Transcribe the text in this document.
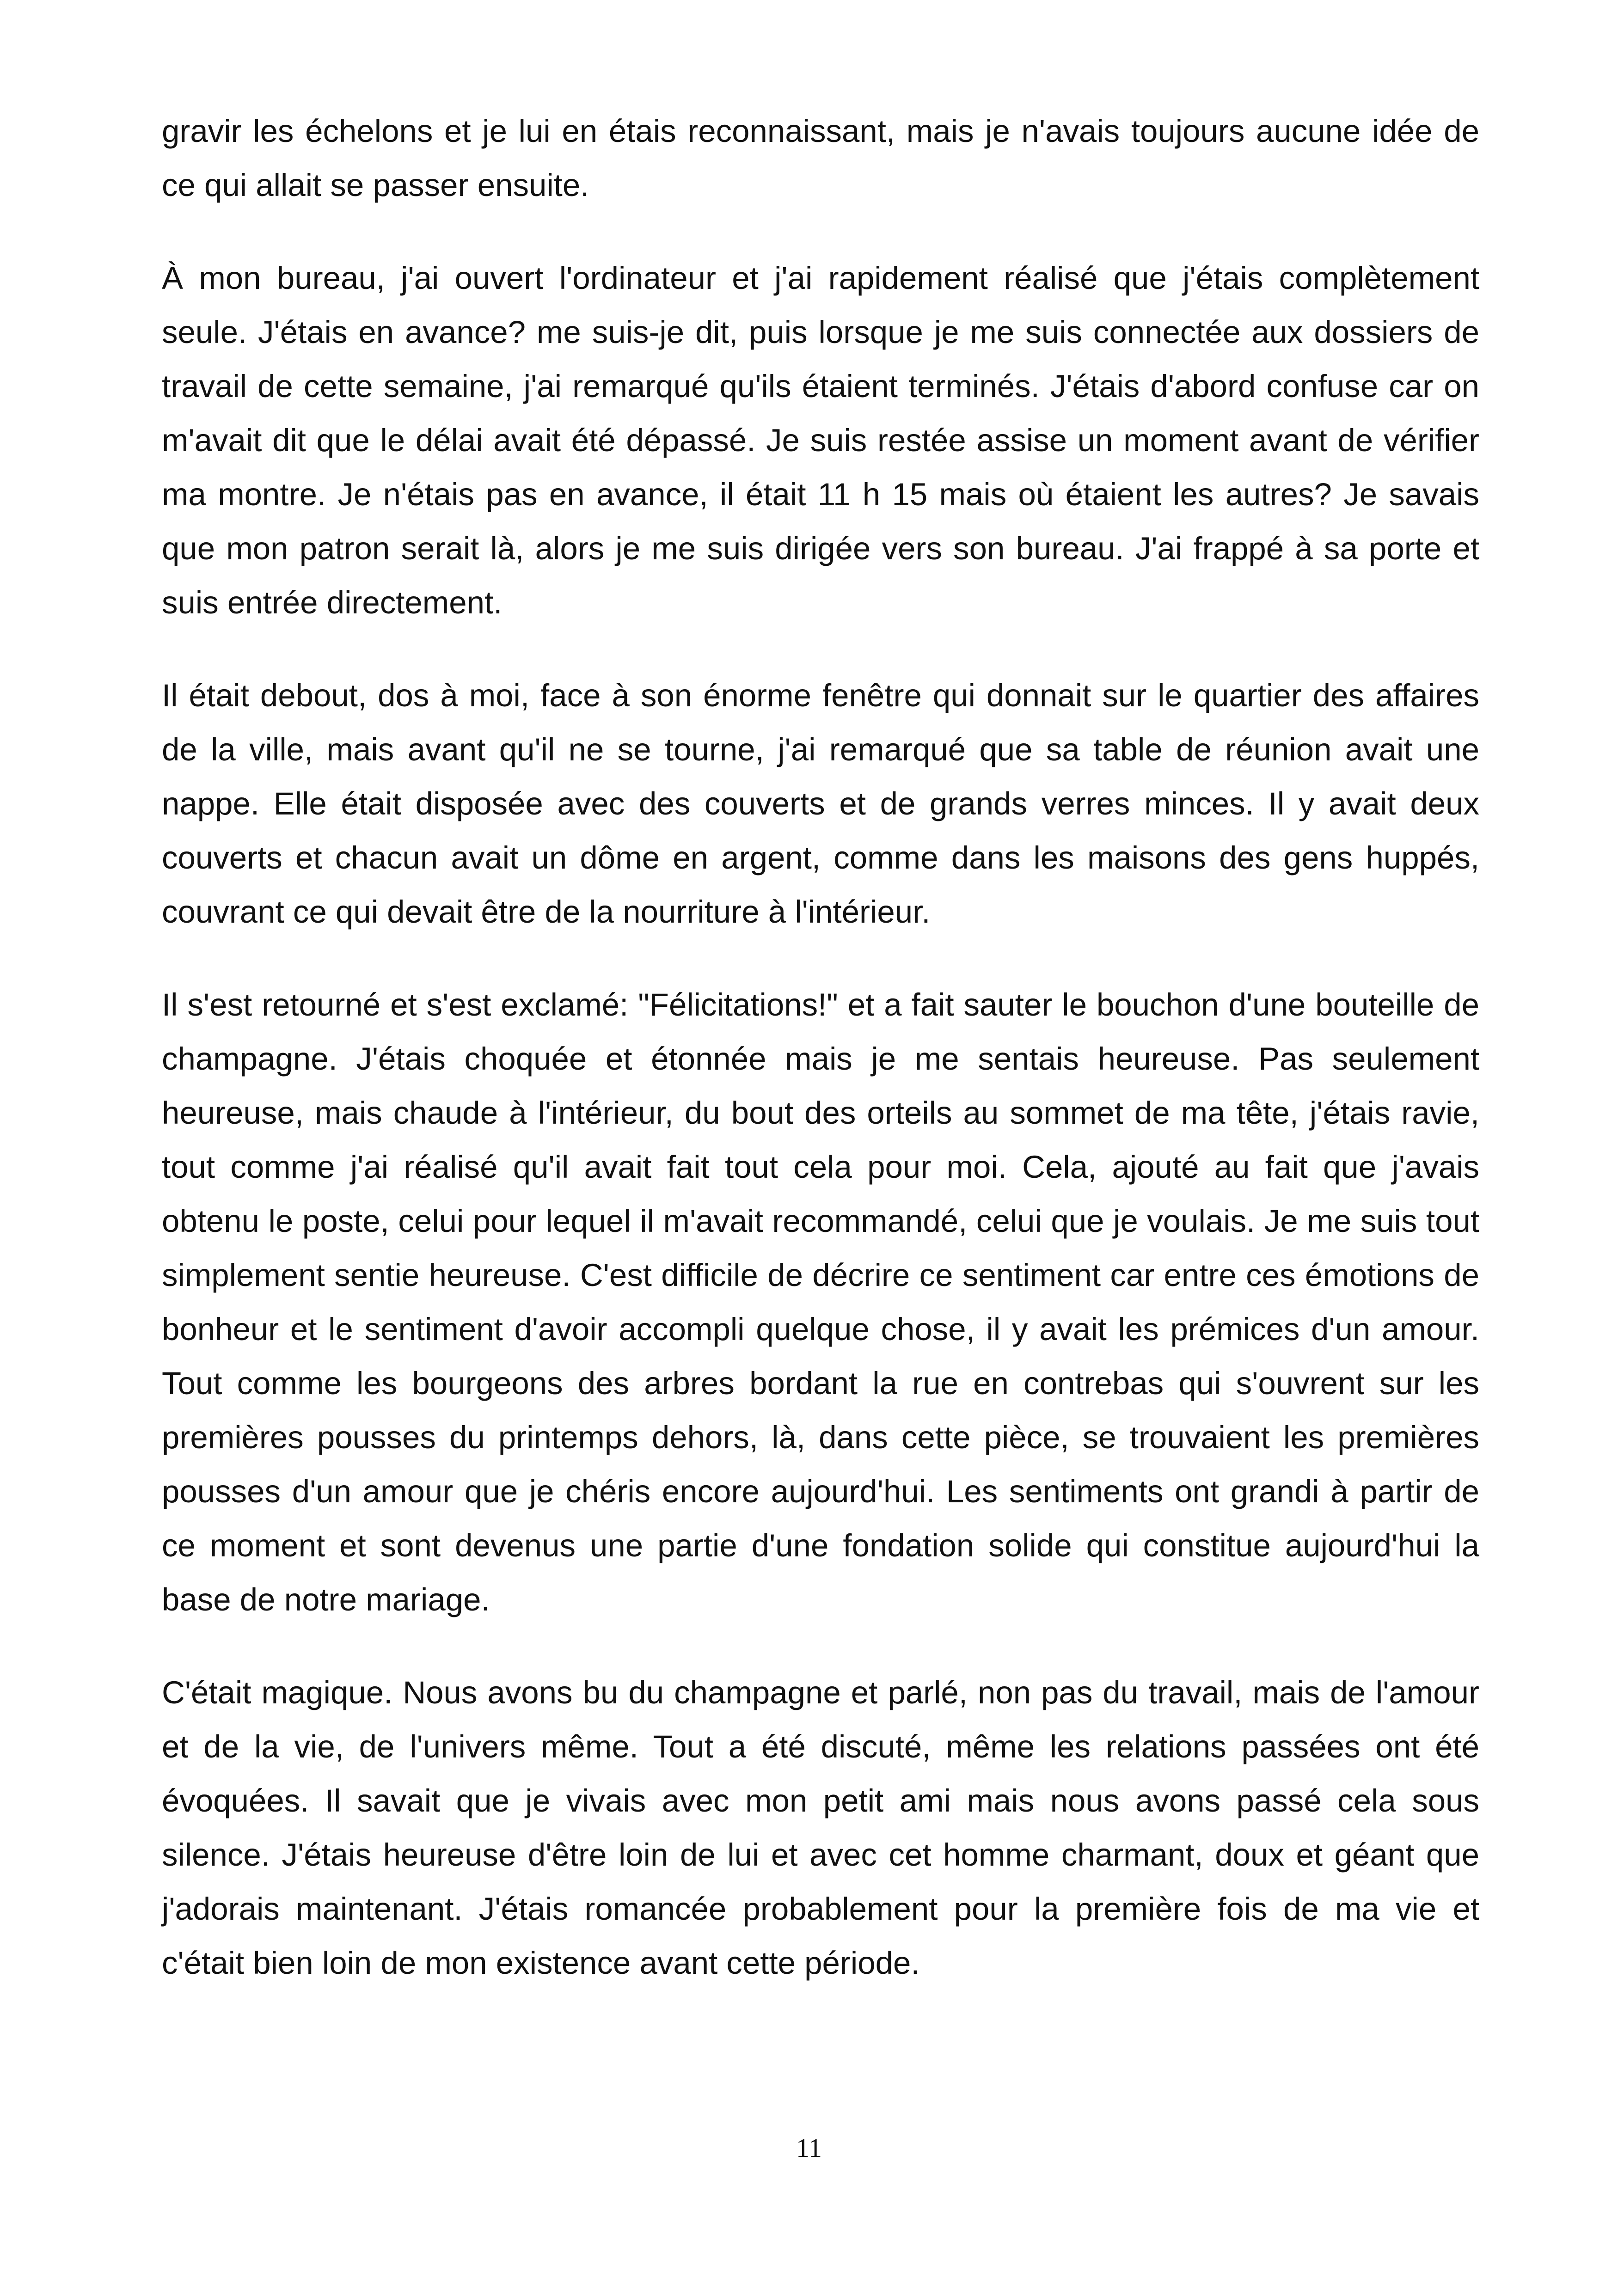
gravir les échelons et je lui en étais reconnaissant, mais je n'avais toujours aucune idée de ce qui allait se passer ensuite.

À mon bureau, j'ai ouvert l'ordinateur et j'ai rapidement réalisé que j'étais complètement seule. J'étais en avance? me suis-je dit, puis lorsque je me suis connectée aux dossiers de travail de cette semaine, j'ai remarqué qu'ils étaient terminés. J'étais d'abord confuse car on m'avait dit que le délai avait été dépassé. Je suis restée assise un moment avant de vérifier ma montre. Je n'étais pas en avance, il était 11 h 15 mais où étaient les autres? Je savais que mon patron serait là, alors je me suis dirigée vers son bureau. J'ai frappé à sa porte et suis entrée directement.

Il était debout, dos à moi, face à son énorme fenêtre qui donnait sur le quartier des affaires de la ville, mais avant qu'il ne se tourne, j'ai remarqué que sa table de réunion avait une nappe. Elle était disposée avec des couverts et de grands verres minces. Il y avait deux couverts et chacun avait un dôme en argent, comme dans les maisons des gens huppés, couvrant ce qui devait être de la nourriture à l'intérieur.

Il s'est retourné et s'est exclamé: "Félicitations!" et a fait sauter le bouchon d'une bouteille de champagne. J'étais choquée et étonnée mais je me sentais heureuse. Pas seulement heureuse, mais chaude à l'intérieur, du bout des orteils au sommet de ma tête, j'étais ravie, tout comme j'ai réalisé qu'il avait fait tout cela pour moi. Cela, ajouté au fait que j'avais obtenu le poste, celui pour lequel il m'avait recommandé, celui que je voulais. Je me suis tout simplement sentie heureuse. C'est difficile de décrire ce sentiment car entre ces émotions de bonheur et le sentiment d'avoir accompli quelque chose, il y avait les prémices d'un amour. Tout comme les bourgeons des arbres bordant la rue en contrebas qui s'ouvrent sur les premières pousses du printemps dehors, là, dans cette pièce, se trouvaient les premières pousses d'un amour que je chéris encore aujourd'hui. Les sentiments ont grandi à partir de ce moment et sont devenus une partie d'une fondation solide qui constitue aujourd'hui la base de notre mariage.

C'était magique. Nous avons bu du champagne et parlé, non pas du travail, mais de l'amour et de la vie, de l'univers même. Tout a été discuté, même les relations passées ont été évoquées. Il savait que je vivais avec mon petit ami mais nous avons passé cela sous silence. J'étais heureuse d'être loin de lui et avec cet homme charmant, doux et géant que j'adorais maintenant. J'étais romancée probablement pour la première fois de ma vie et c'était bien loin de mon existence avant cette période.

11
